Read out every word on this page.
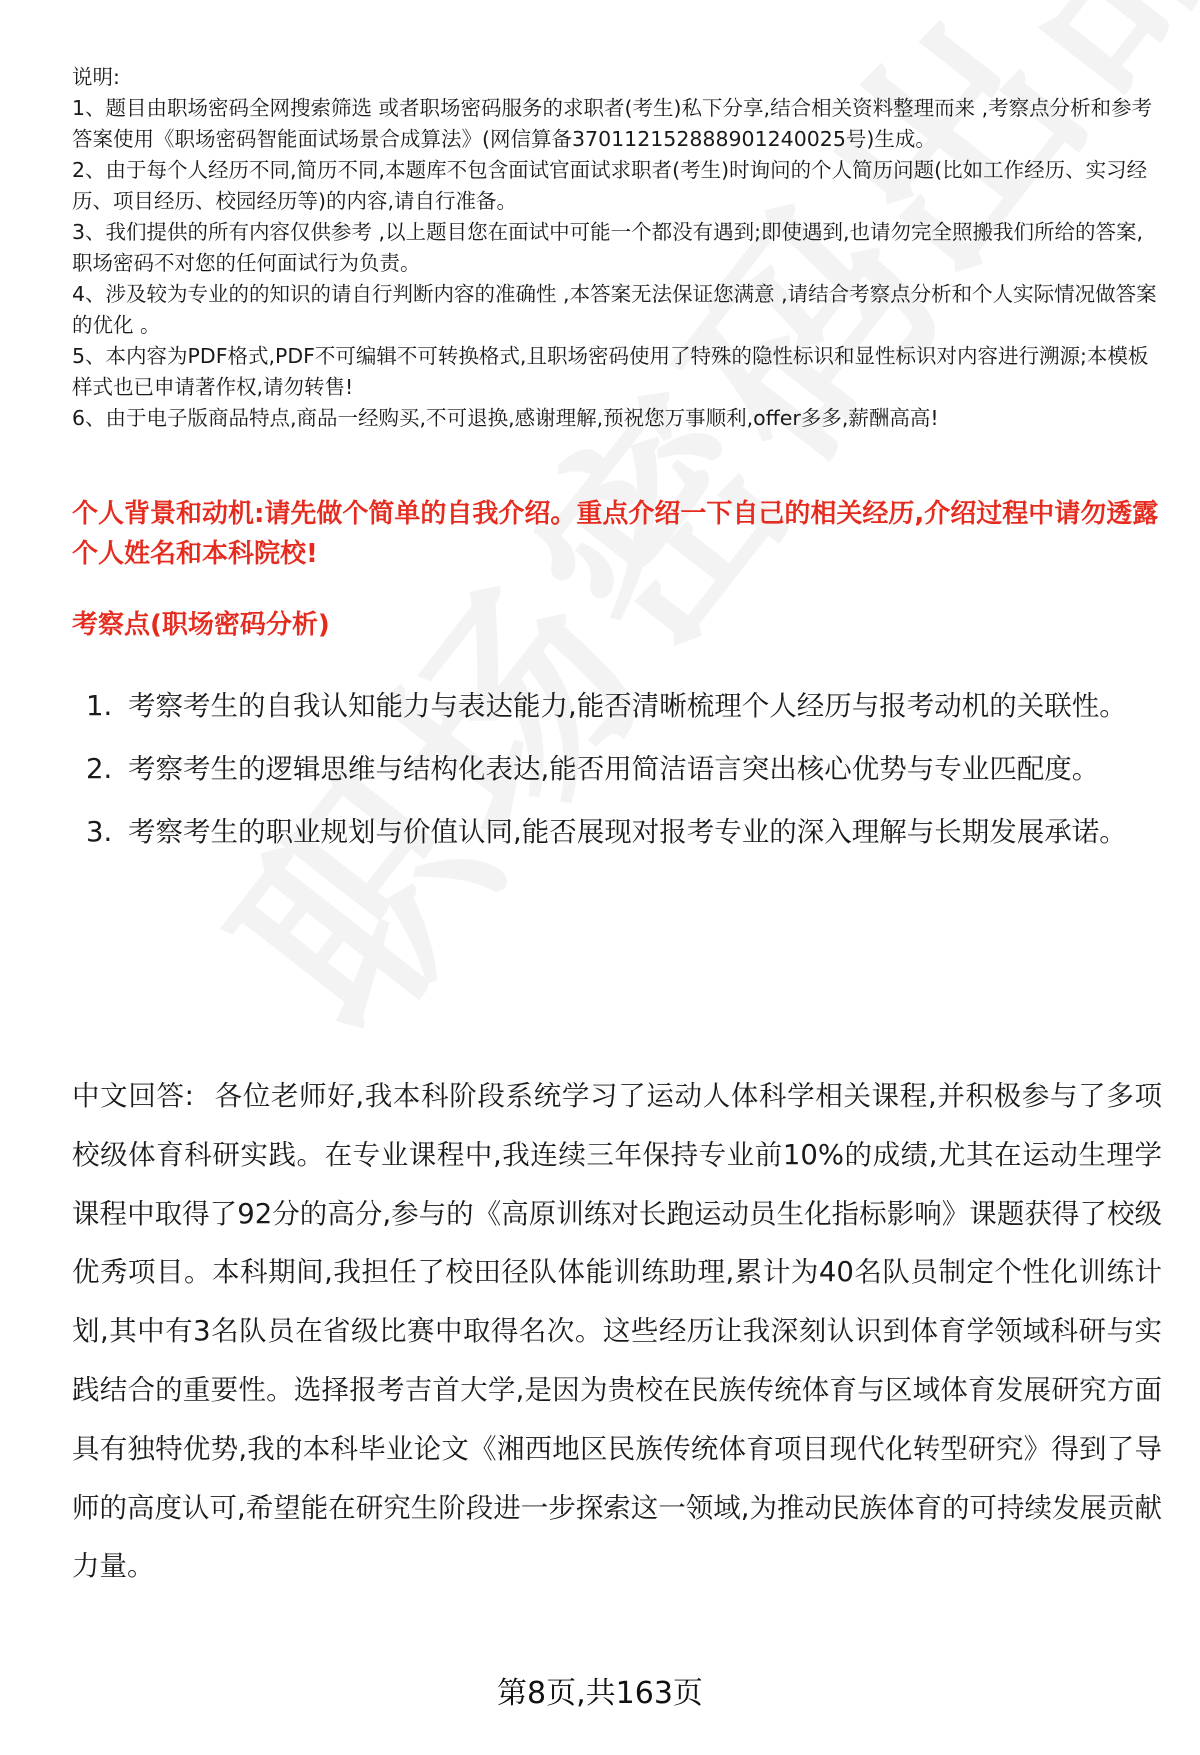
说明:

1、题目由职场密码全网搜索筛选 或者职场密码服务的求职者(考生)私下分享,结合相关资料整理而来 ,考察点分析和参考答案使用《职场密码智能面试场景合成算法》(网信算备370112152888901240025号)生成。

2、由于每个人经历不同,简历不同,本题库不包含面试官面试求职者(考生)时询问的个人简历问题(比如工作经历、实习经历、项目经历、校园经历等)的内容,请自行准备。

3、我们提供的所有内容仅供参考 ,以上题目您在面试中可能一个都没有遇到;即使遇到,也请勿完全照搬我们所给的答案,职场密码不对您的任何面试行为负责。

4、涉及较为专业的的知识的请自行判断内容的准确性 ,本答案无法保证您满意 ,请结合考察点分析和个人实际情况做答案的优化 。

5、本内容为PDF格式,PDF不可编辑不可转换格式,且职场密码使用了特殊的隐性标识和显性标识对内容进行溯源;本模板样式也已申请著作权,请勿转售!

6、由于电子版商品特点,商品一经购买,不可退换,感谢理解,预祝您万事顺利,offer多多,薪酬高高!

个人背景和动机:请先做个简单的自我介绍。重点介绍一下自己的相关经历,介绍过程中请勿透露个人姓名和本科院校!
考察点(职场密码分析)
1. 考察考生的自我认知能力与表达能力,能否清晰梳理个人经历与报考动机的关联性。
2. 考察考生的逻辑思维与结构化表达,能否用简洁语言突出核心优势与专业匹配度。
3. 考察考生的职业规划与价值认同,能否展现对报考专业的深入理解与长期发展承诺。

中文回答: 各位老师好,我本科阶段系统学习了运动人体科学相关课程,并积极参与了多项校级体育科研实践。在专业课程中,我连续三年保持专业前10%的成绩,尤其在运动生理学课程中取得了92分的高分,参与的《高原训练对长跑运动员生化指标影响》课题获得了校级优秀项目。本科期间,我担任了校田径队体能训练助理,累计为40名队员制定个性化训练计划,其中有3名队员在省级比赛中取得名次。这些经历让我深刻认识到体育学领域科研与实践结合的重要性。选择报考吉首大学,是因为贵校在民族传统体育与区域体育发展研究方面具有独特优势,我的本科毕业论文《湘西地区民族传统体育项目现代化转型研究》得到了导师的高度认可,希望能在研究生阶段进一步探索这一领域,为推动民族体育的可持续发展贡献力量。

第8页,共163页
